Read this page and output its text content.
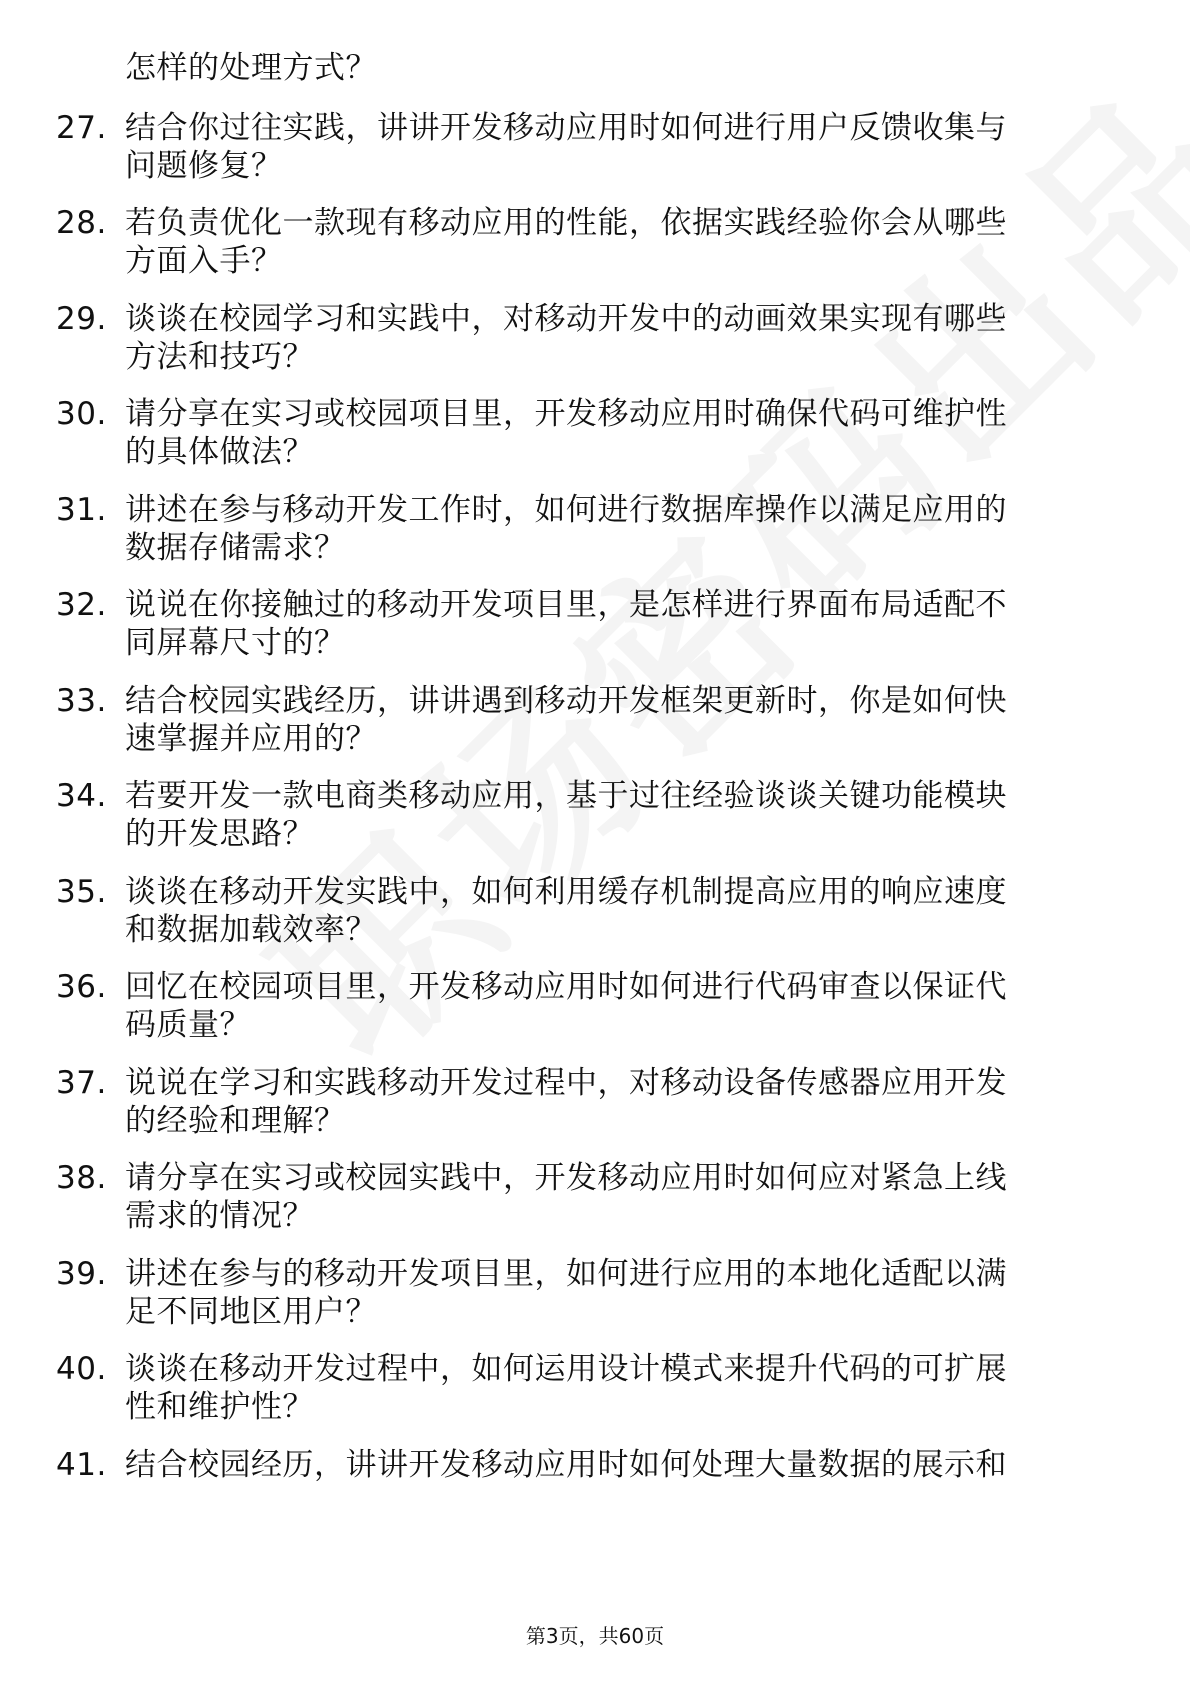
怎样的处理方式？
27. 结合你过往实践，讲讲开发移动应用时如何进行用户反馈收集与
问题修复？
28. 若负责优化一款现有移动应用的性能，依据实践经验你会从哪些
方面入手？
29. 谈谈在校园学习和实践中，对移动开发中的动画效果实现有哪些
方法和技巧？
30. 请分享在实习或校园项目里，开发移动应用时确保代码可维护性
的具体做法？
31. 讲述在参与移动开发工作时，如何进行数据库操作以满足应用的
数据存储需求？
32. 说说在你接触过的移动开发项目里，是怎样进行界面布局适配不
同屏幕尺寸的？
33. 结合校园实践经历，讲讲遇到移动开发框架更新时，你是如何快
速掌握并应用的？
34. 若要开发一款电商类移动应用，基于过往经验谈谈关键功能模块
的开发思路？
35. 谈谈在移动开发实践中，如何利用缓存机制提高应用的响应速度
和数据加载效率？
36. 回忆在校园项目里，开发移动应用时如何进行代码审查以保证代
码质量？
37. 说说在学习和实践移动开发过程中，对移动设备传感器应用开发
的经验和理解？
38. 请分享在实习或校园实践中，开发移动应用时如何应对紧急上线
需求的情况？
39. 讲述在参与的移动开发项目里，如何进行应用的本地化适配以满
足不同地区用户？
40. 谈谈在移动开发过程中，如何运用设计模式来提升代码的可扩展
性和维护性？
41. 结合校园经历，讲讲开发移动应用时如何处理大量数据的展示和
第3页，共60页
